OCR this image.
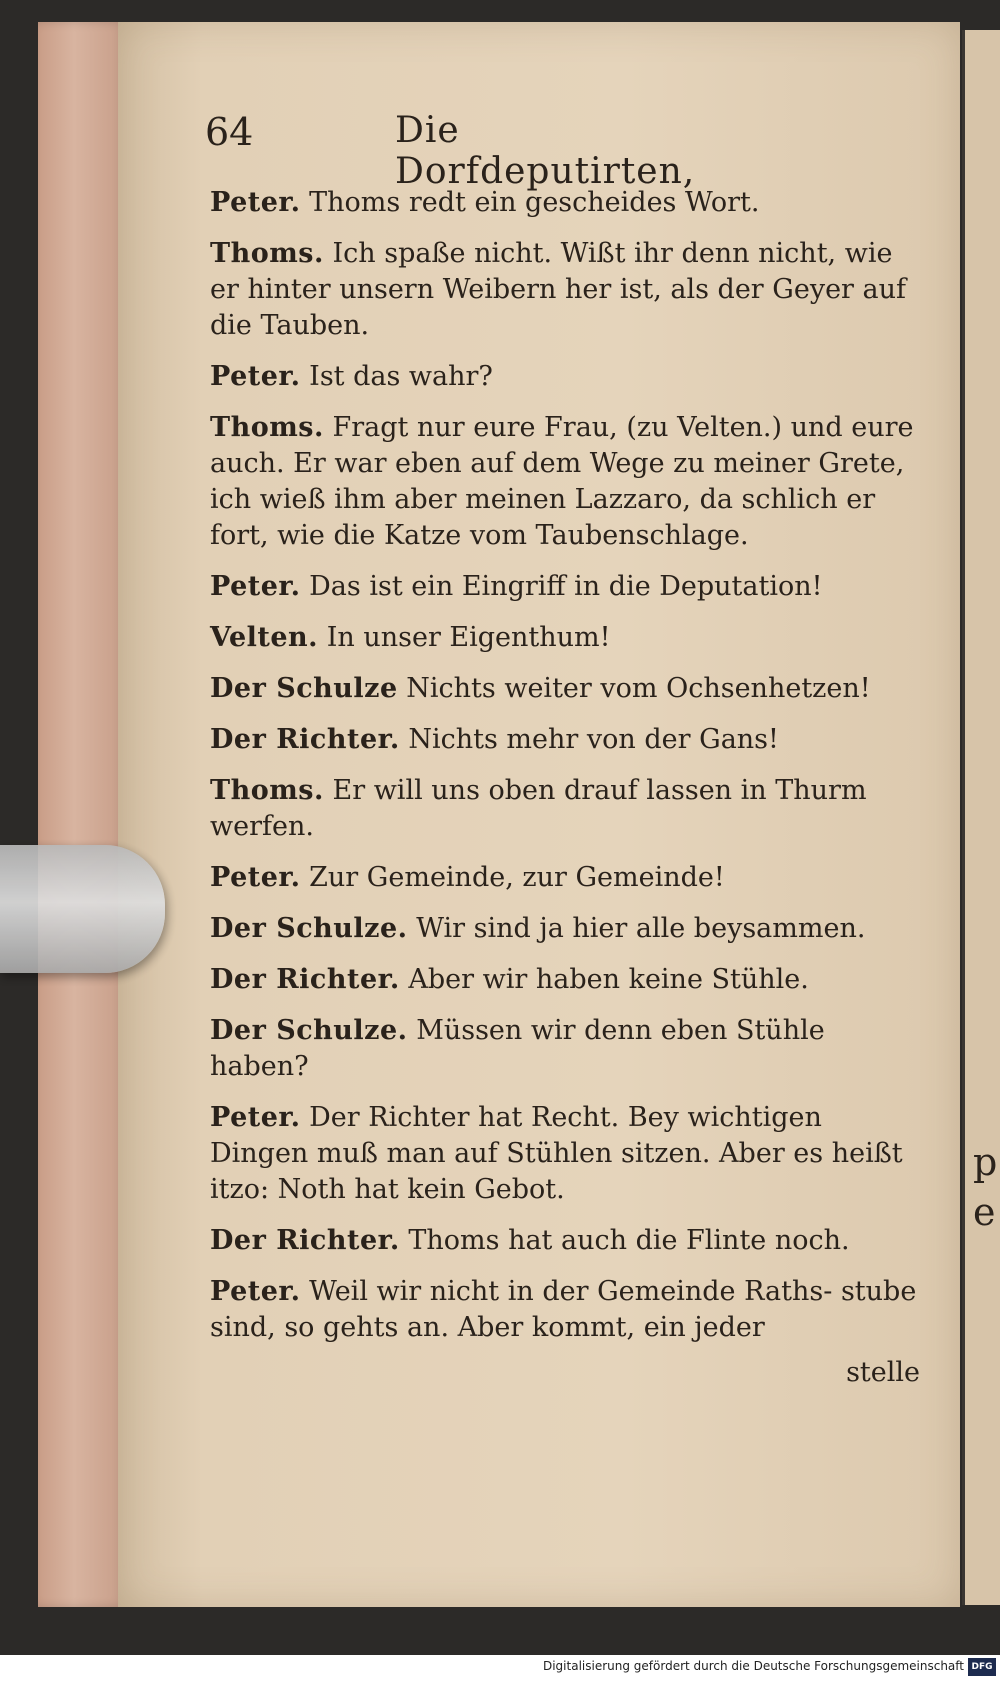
p
e
64	Die Dorfdeputirten,

Peter. Thoms redt ein gescheides Wort.

Thoms. Ich spaße nicht. Wißt ihr denn nicht, wie er hinter unsern Weibern her ist, als der Geyer auf die Tauben.

Peter. Ist das wahr?

Thoms. Fragt nur eure Frau, (zu Velten.) und eure auch. Er war eben auf dem Wege zu meiner Grete, ich wieß ihm aber meinen Lazzaro, da schlich er fort, wie die Katze vom Taubenschlage.

Peter. Das ist ein Eingriff in die Deputation!

Velten. In unser Eigenthum!

Der Schulze Nichts weiter vom Ochsenhetzen!

Der Richter. Nichts mehr von der Gans!

Thoms. Er will uns oben drauf lassen in Thurm werfen.

Peter. Zur Gemeinde, zur Gemeinde!

Der Schulze. Wir sind ja hier alle beysammen.

Der Richter. Aber wir haben keine Stühle.

Der Schulze. Müssen wir denn eben Stühle haben?

Peter. Der Richter hat Recht. Bey wichtigen Dingen muß man auf Stühlen sitzen. Aber es heißt itzo: Noth hat kein Gebot.

Der Richter. Thoms hat auch die Flinte noch.

Peter. Weil wir nicht in der Gemeinde Raths- stube sind, so gehts an. Aber kommt, ein jeder

stelle
Digitalisierung gefördert durch die Deutsche Forschungsgemeinschaft DFG
